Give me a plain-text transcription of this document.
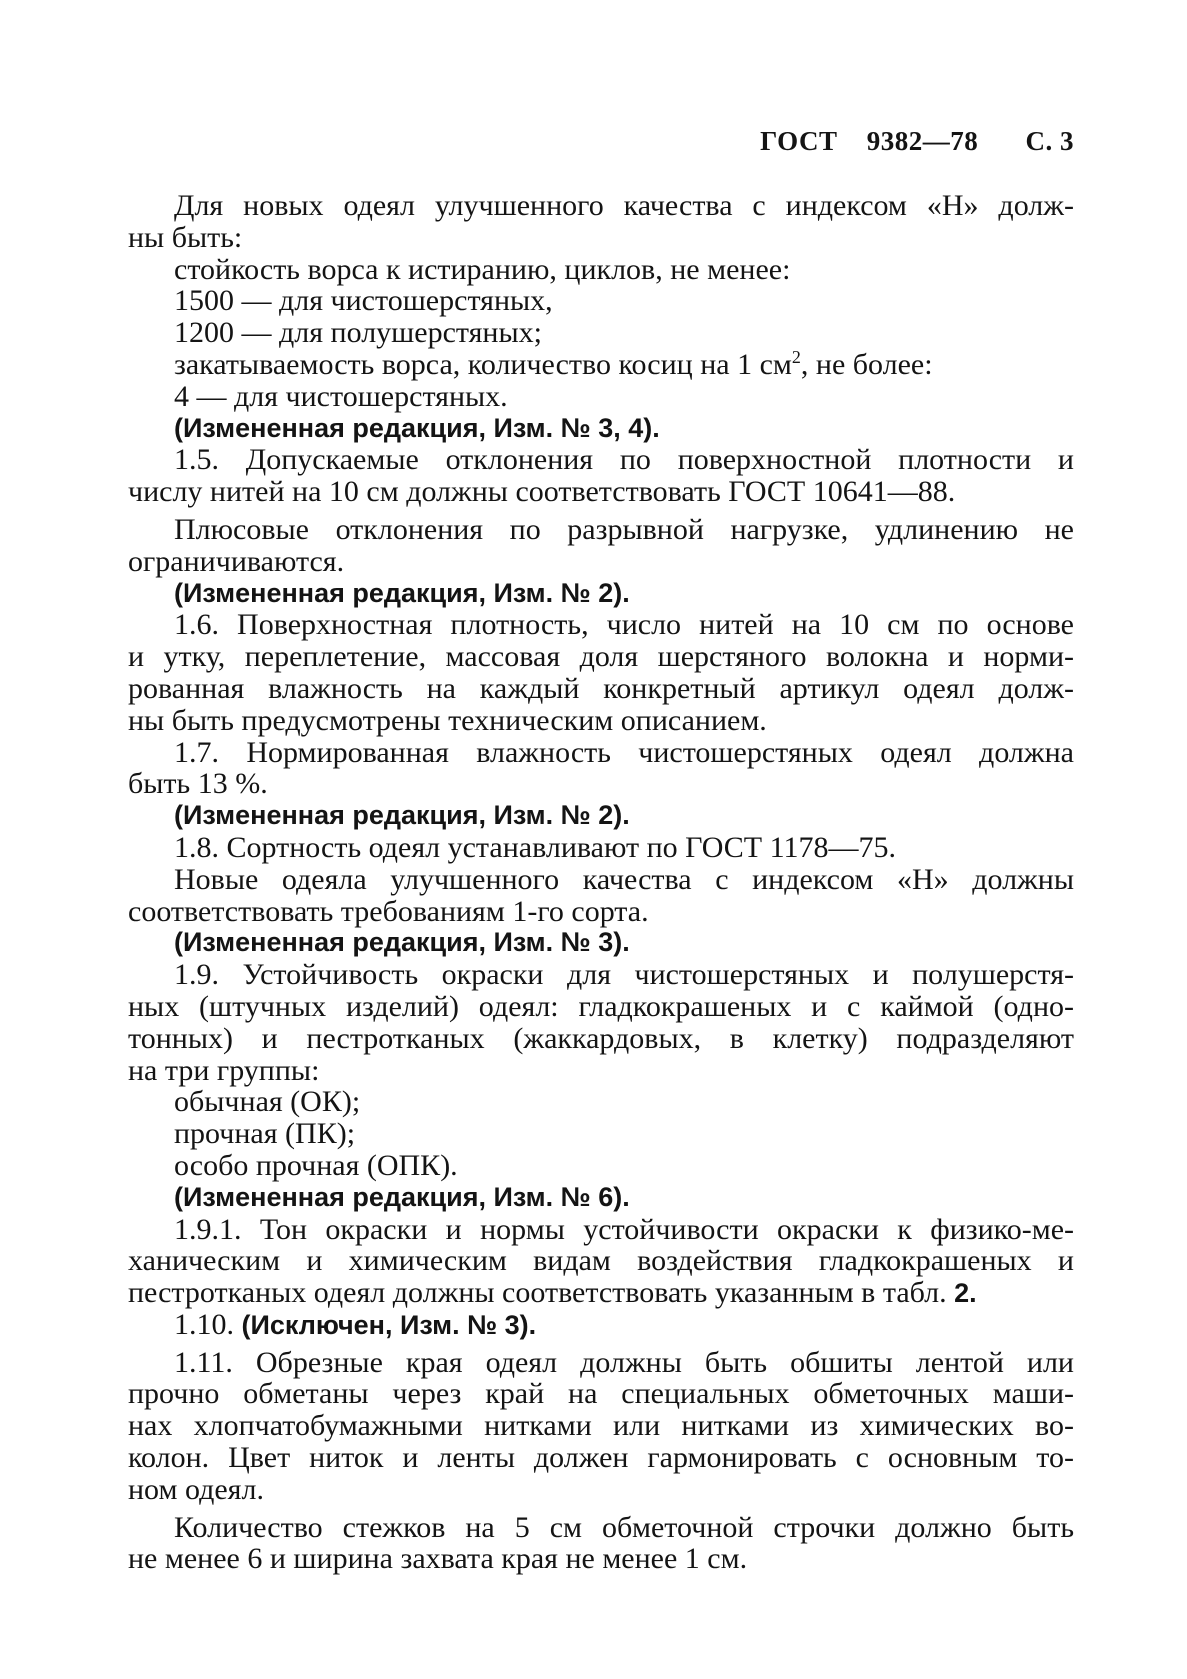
ГОСТ 9382—78 С. 3
Для новых одеял улучшенного качества с индексом «Н» долж-
ны быть:
стойкость ворса к истиранию, циклов, не менее:
1500 — для чистошерстяных,
1200 — для полушерстяных;
закатываемость ворса, количество косиц на 1 $см^2$, не более:
4 — для чистошерстяных.
(Измененная редакция, Изм. № 3, 4).
1.5. Допускаемые отклонения по поверхностной плотности и
числу нитей на 10 см должны соответствовать ГОСТ 10641—88.
Плюсовые отклонения по разрывной нагрузке, удлинению не
ограничиваются.
(Измененная редакция, Изм. № 2).
1.6. Поверхностная плотность, число нитей на 10 см по основе
и утку, переплетение, массовая доля шерстяного волокна и норми-
рованная влажность на каждый конкретный артикул одеял долж-
ны быть предусмотрены техническим описанием.
1.7. Нормированная влажность чистошерстяных одеял должна
быть 13 %.
(Измененная редакция, Изм. № 2).
1.8. Сортность одеял устанавливают по ГОСТ 1178—75.
Новые одеяла улучшенного качества с индексом «Н» должны
соответствовать требованиям 1-го сорта.
(Измененная редакция, Изм. № 3).
1.9. Устойчивость окраски для чистошерстяных и полушерстя-
ных (штучных изделий) одеял: гладкокрашеных и с каймой (одно-
тонных) и пестротканых (жаккардовых, в клетку) подразделяют
на три группы:
обычная (ОК);
прочная (ПК);
особо прочная (ОПК).
(Измененная редакция, Изм. № 6).
1.9.1. Тон окраски и нормы устойчивости окраски к физико-ме-
ханическим и химическим видам воздействия гладкокрашеных и
пестротканых одеял должны соответствовать указанным в табл. 2.
1.10. (Исключен, Изм. № 3).
1.11. Обрезные края одеял должны быть обшиты лентой или
прочно обметаны через край на специальных обметочных маши-
нах хлопчатобумажными нитками или нитками из химических во-
колон. Цвет ниток и ленты должен гармонировать с основным то-
ном одеял.
Количество стежков на 5 см обметочной строчки должно быть
не менее 6 и ширина захвата края не менее 1 см.
